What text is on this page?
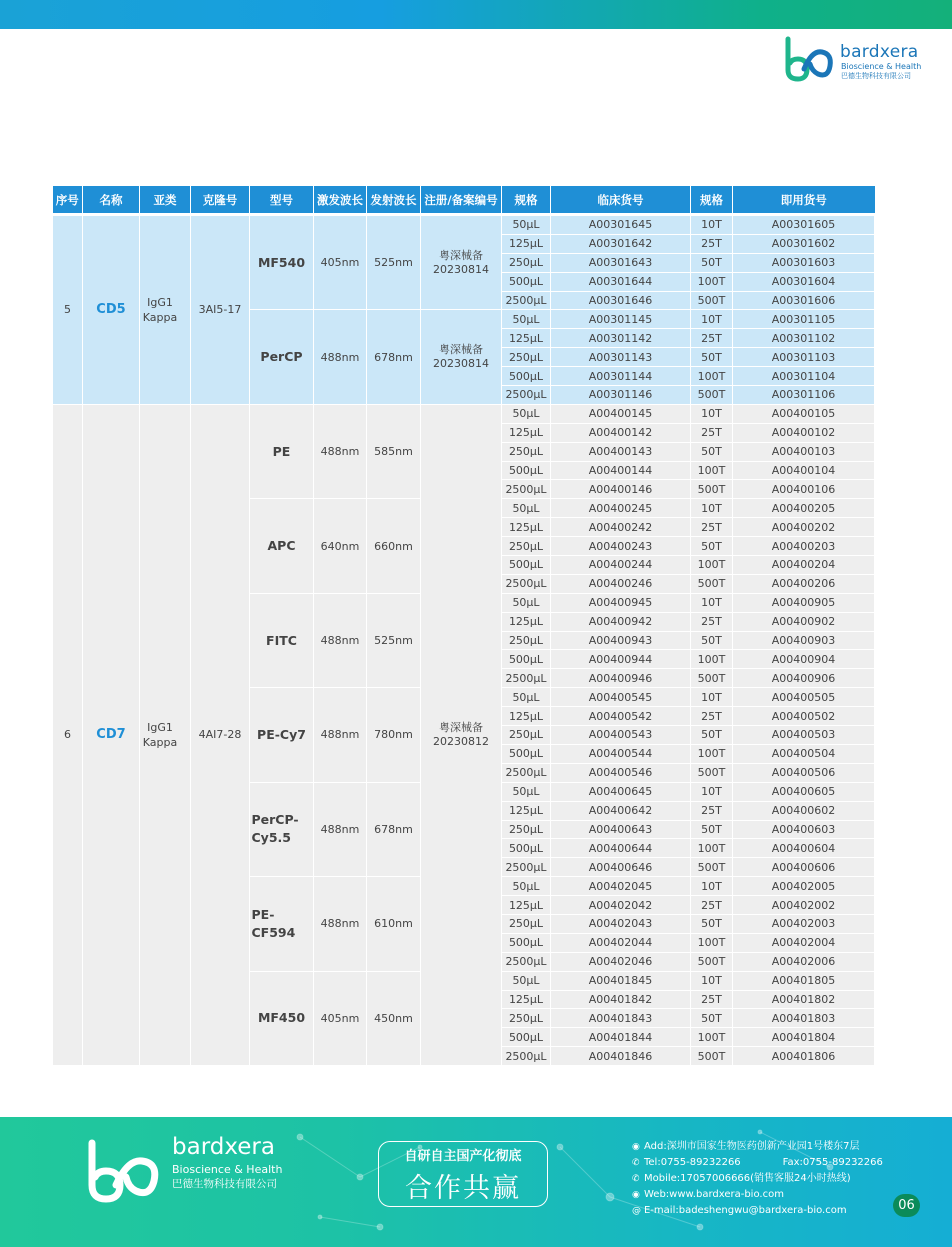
bardxera
Bioscience & Health
巴德生物科技有限公司
序号	名称	亚类	克隆号	型号	激发波长	发射波长	注册/备案编号	规格	临床货号	规格	即用货号
5	CD5	IgG1 Kappa	3AI5-17	MF540	405nm	525nm	粤深械备 20230814	50µL	A00301645	10T	A00301605
								125µL	A00301642	25T	A00301602
								250µL	A00301643	50T	A00301603
								500µL	A00301644	100T	A00301604
								2500µL	A00301646	500T	A00301606
				PerCP	488nm	678nm	粤深械备 20230814	50µL	A00301145	10T	A00301105
								125µL	A00301142	25T	A00301102
								250µL	A00301143	50T	A00301103
								500µL	A00301144	100T	A00301104
								2500µL	A00301146	500T	A00301106
6	CD7	IgG1 Kappa	4AI7-28	PE	488nm	585nm	粤深械备 20230812	50µL	A00400145	10T	A00400105
								125µL	A00400142	25T	A00400102
								250µL	A00400143	50T	A00400103
								500µL	A00400144	100T	A00400104
								2500µL	A00400146	500T	A00400106
				APC	640nm	660nm		50µL	A00400245	10T	A00400205
								125µL	A00400242	25T	A00400202
								250µL	A00400243	50T	A00400203
								500µL	A00400244	100T	A00400204
								2500µL	A00400246	500T	A00400206
				FITC	488nm	525nm		50µL	A00400945	10T	A00400905
								125µL	A00400942	25T	A00400902
								250µL	A00400943	50T	A00400903
								500µL	A00400944	100T	A00400904
								2500µL	A00400946	500T	A00400906
				PE-Cy7	488nm	780nm		50µL	A00400545	10T	A00400505
								125µL	A00400542	25T	A00400502
								250µL	A00400543	50T	A00400503
								500µL	A00400544	100T	A00400504
								2500µL	A00400546	500T	A00400506
				PerCP-Cy5.5	488nm	678nm		50µL	A00400645	10T	A00400605
								125µL	A00400642	25T	A00400602
								250µL	A00400643	50T	A00400603
								500µL	A00400644	100T	A00400604
								2500µL	A00400646	500T	A00400606
				PE-CF594	488nm	610nm		50µL	A00402045	10T	A00402005
								125µL	A00402042	25T	A00402002
								250µL	A00402043	50T	A00402003
								500µL	A00402044	100T	A00402004
								2500µL	A00402046	500T	A00402006
				MF450	405nm	450nm		50µL	A00401845	10T	A00401805
								125µL	A00401842	25T	A00401802
								250µL	A00401843	50T	A00401803
								500µL	A00401844	100T	A00401804
								2500µL	A00401846	500T	A00401806
bardxera
Bioscience & Health
巴德生物科技有限公司
自研自主国产化彻底
合作共赢
◉ Add:深圳市国家生物医药创新产业园1号楼东7层
✆ Tel:0755-89232266	Fax:0755-89232266
✆ Mobile:17057006666(销售客服24小时热线)
◉ Web:www.bardxera-bio.com
@ E-mail:badeshengwu@bardxera-bio.com	06
